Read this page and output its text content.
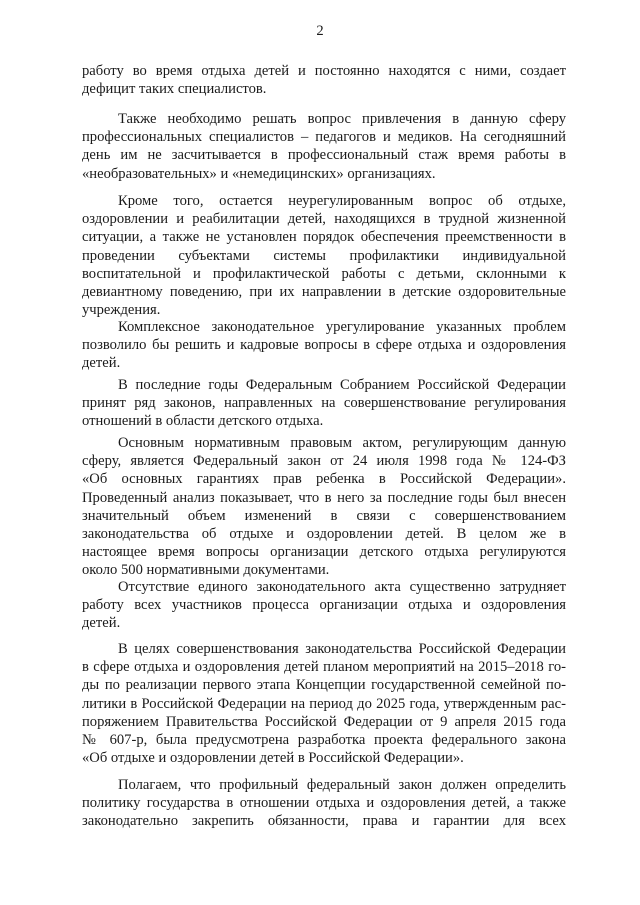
2
работу во время отдыха детей и постоянно находятся с ними, создает
дефицит таких специалистов.
Также необходимо решать вопрос привлечения в данную сферу
профессиональных специалистов – педагогов и медиков. На сегодняшний
день им не засчитывается в профессиональный стаж время работы в
«необразовательных» и «немедицинских» организациях.
Кроме того, остается неурегулированным вопрос об отдыхе,
оздоровлении и реабилитации детей, находящихся в трудной жизненной
ситуации, а также не установлен порядок обеспечения преемственности в
проведении субъектами системы профилактики индивидуальной
воспитательной и профилактической работы с детьми, склонными к
девиантному поведению, при их направлении в детские оздоровительные
учреждения.
Комплексное законодательное урегулирование указанных проблем
позволило бы решить и кадровые вопросы в сфере отдыха и оздоровления
детей.
В последние годы Федеральным Собранием Российской Федерации
принят ряд законов, направленных на совершенствование регулирования
отношений в области детского отдыха.
Основным нормативным правовым актом, регулирующим данную
сферу, является Федеральный закон от 24 июля 1998 года № 124-ФЗ
«Об основных гарантиях прав ребенка в Российской Федерации».
Проведенный анализ показывает, что в него за последние годы был внесен
значительный объем изменений в связи с совершенствованием
законодательства об отдыхе и оздоровлении детей. В целом же в
настоящее время вопросы организации детского отдыха регулируются
около 500 нормативными документами.
Отсутствие единого законодательного акта существенно затрудняет
работу всех участников процесса организации отдыха и оздоровления
детей.
В целях совершенствования законодательства Российской Федерации
в сфере отдыха и оздоровления детей планом мероприятий на 2015–2018 го-
ды по реализации первого этапа Концепции государственной семейной по-
литики в Российской Федерации на период до 2025 года, утвержденным рас-
поряжением Правительства Российской Федерации от 9 апреля 2015 года
№ 607-р, была предусмотрена разработка проекта федерального закона
«Об отдыхе и оздоровлении детей в Российской Федерации».
Полагаем, что профильный федеральный закон должен определить
политику государства в отношении отдыха и оздоровления детей, а также
законодательно закрепить обязанности, права и гарантии для всех
